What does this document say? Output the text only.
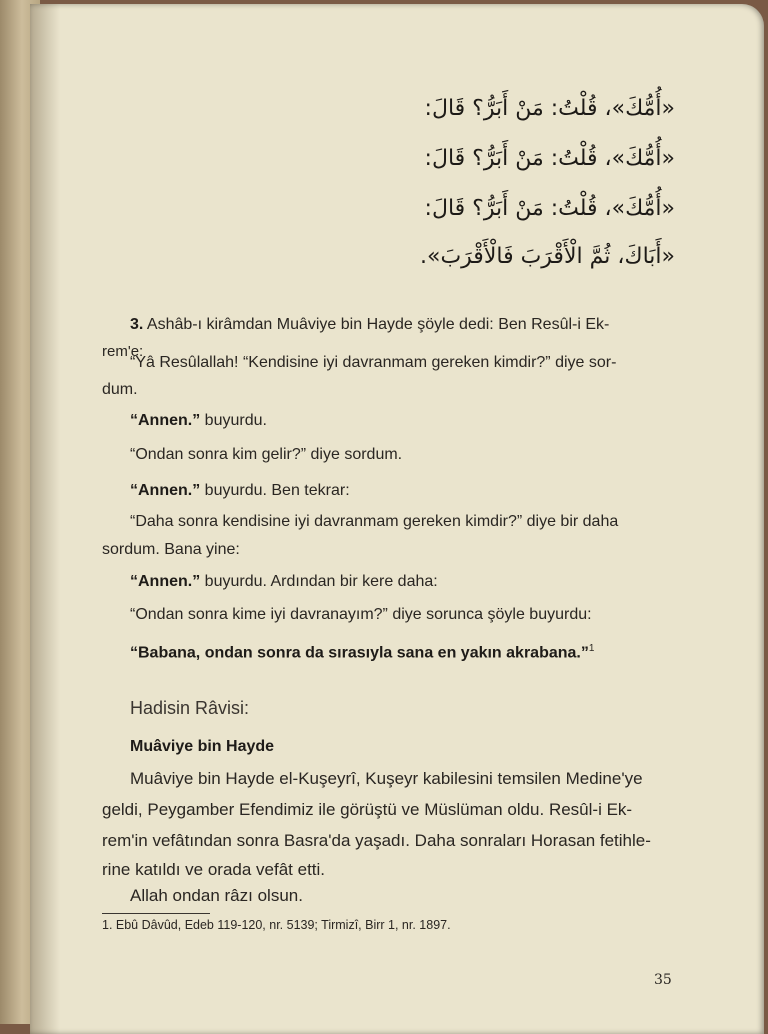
«أُمُّكَ»، قُلْتُ: مَنْ أَبَرُّ؟ قَالَ:
«أُمُّكَ»، قُلْتُ: مَنْ أَبَرُّ؟ قَالَ:
«أُمُّكَ»، قُلْتُ: مَنْ أَبَرُّ؟ قَالَ:
«أَبَاكَ، ثُمَّ الْأَقْرَبَ فَالْأَقْرَبَ».

3. Ashâb-ı kirâmdan Muâviye bin Hayde şöyle dedi: Ben Resûl-i Ek-

rem'e:

“Yâ Resûlallah! “Kendisine iyi davranmam gereken kimdir?” diye sor-

dum.

“Annen.” buyurdu.

“Ondan sonra kim gelir?” diye sordum.

“Annen.” buyurdu. Ben tekrar:

“Daha sonra kendisine iyi davranmam gereken kimdir?” diye bir daha

sordum. Bana yine:

“Annen.” buyurdu. Ardından bir kere daha:

“Ondan sonra kime iyi davranayım?” diye sorunca şöyle buyurdu:

“Babana, ondan sonra da sırasıyla sana en yakın akrabana.”$^1$

Hadisin Râvisi:

Muâviye bin Hayde

Muâviye bin Hayde el-Kuşeyrî, Kuşeyr kabilesini temsilen Medine'ye

geldi, Peygamber Efendimiz ile görüştü ve Müslüman oldu. Resûl-i Ek-

rem'in vefâtından sonra Basra'da yaşadı. Daha sonraları Horasan fetihle-

rine katıldı ve orada vefât etti.

Allah ondan râzı olsun.

1. Ebû Dâvûd, Edeb 119-120, nr. 5139; Tirmizî, Birr 1, nr. 1897.
35
